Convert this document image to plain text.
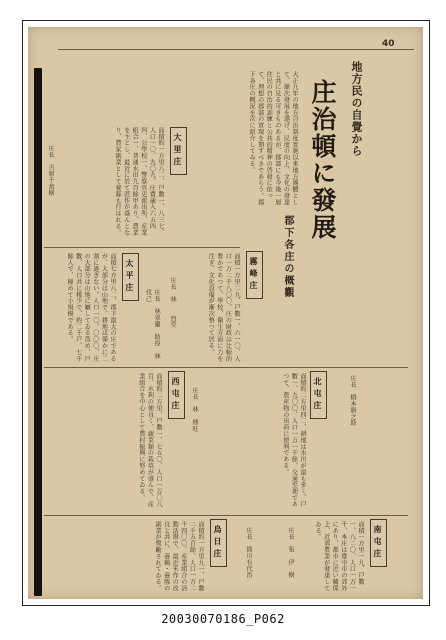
40
地方民の自覺から
庄治頓に發展
郡下各庄の概觀
大正九年の地方自治制度實施以來地方團體として、漸次發展を遂げ、民度の向上、文化の發達と共に見る可きものあるが、郡部にも今後一層住民の自治的訓練と公共的精神の啓發に依って、理想の郡部の實現を期すべきであらう。郡下各庄の概況を次に紹介してみる。
大里庄
面積約一方里八二、戸數一、八三七、人口一〇、九〇九、庄費歳入六五四四、公學校一、警察官吏派出所、産業組合一、普通水田九百餘甲あり、農業を主とし、最近に於て蔗作が盛んとなり、農家副業として養豚も行はれる。
庄長　吉原千萬樹
霧峰庄
面積一方里二九、戸數一、六一〇、人口一万二千八〇〇、庄の財政は比較的豊かであつて、學校、衛生方面に力を注ぎ、文化設備が漸次整つて居る。
庄長　林　　烈堂
太平庄
面積七方里八二、郡下最大の庄であるが、大部分は山地で、耕地は僅かに二割に過ぎない。人口一〇、〇〇〇、庄の大部分は山地に屬してゐる爲め、戸數、人口共に稀少で、約二千戸、七千餘人で、極めて小規模である。	庄長　林翠蘭　助役　林伐己
北屯庄
面積約二方里四二、耕地は水田が最も多く、戸數一、九〇〇、人口一万一千餘、交通至便であつて、農産物の出荷に便利である。	庄長　橋本勝之助
西屯庄
面積約二方里、戸數一、七五〇、人口一万〇八百、水利の便良く、蔬菜類の栽培が盛んで、産業組合を中心として農村振興に努めてゐる。	庄長　林　傳旺
南屯庄
面積一方里一九、戸數一、八二〇、人口一万一千、本庄は臺中市の郊外にあり、都市に近い關係上、近郊農業が發達してゐる。
庄長　張　伊　樹
烏日庄
面積約一方里九一、戸數二千五百餘、人口一万二千四〇〇、産業組合の活動活潑で、最近米作の改良と共に、養鷄・養豚の副業が獎勵されてゐる。	庄長　簡川有代治
20030070186_P062
